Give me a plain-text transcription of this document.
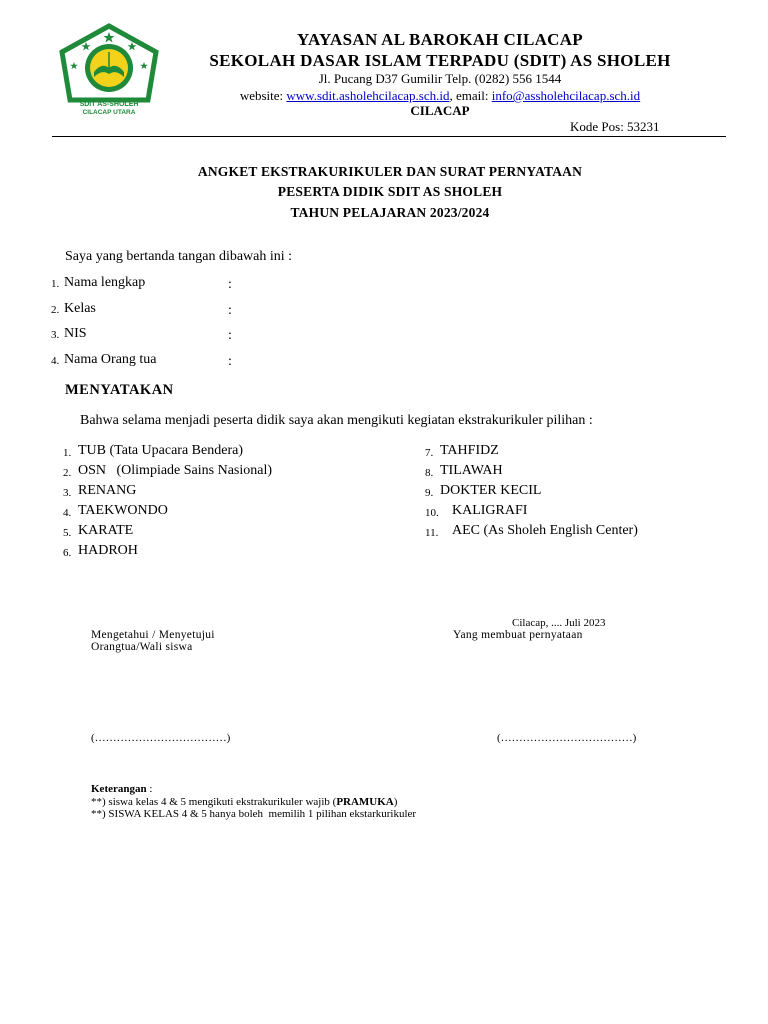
SDIT AS-SHOLEH
CILACAP UTARA
YAYASAN AL BAROKAH CILACAP
SEKOLAH DASAR ISLAM TERPADU (SDIT) AS SHOLEH
Jl. Pucang D37 Gumilir Telp. (0282) 556 1544
website: www.sdit.asholehcilacap.sch.id, email: info@assholehcilacap.sch.id
CILACAP
Kode Pos: 53231
ANGKET EKSTRAKURIKULER DAN SURAT PERNYATAAN
PESERTA DIDIK SDIT AS SHOLEH
TAHUN PELAJARAN 2023/2024
Saya yang bertanda tangan dibawah ini :
1. Nama lengkap	:
2. Kelas	:
3. NIS	:
4. Nama Orang tua	:
MENYATAKAN
Bahwa selama menjadi peserta didik saya akan mengikuti kegiatan ekstrakurikuler pilihan :
1. TUB (Tata Upacara Bendera)
2. OSN   (Olimpiade Sains Nasional)
3. RENANG
4. TAEKWONDO
5. KARATE
6. HADROH
7. TAHFIDZ
8. TILAWAH
9. DOKTER KECIL
10. KALIGRAFI
11. AEC (As Sholeh English Center)
Cilacap, .... Juli 2023
Mengetahui / Menyetujui
Orangtua/Wali siswa
Yang membuat pernyataan
(………………………………)	(………………………………)
Keterangan :
**) siswa kelas 4 & 5 mengikuti ekstrakurikuler wajib (PRAMUKA)
**) SISWA KELAS 4 & 5 hanya boleh  memilih 1 pilihan ekstarkurikuler
